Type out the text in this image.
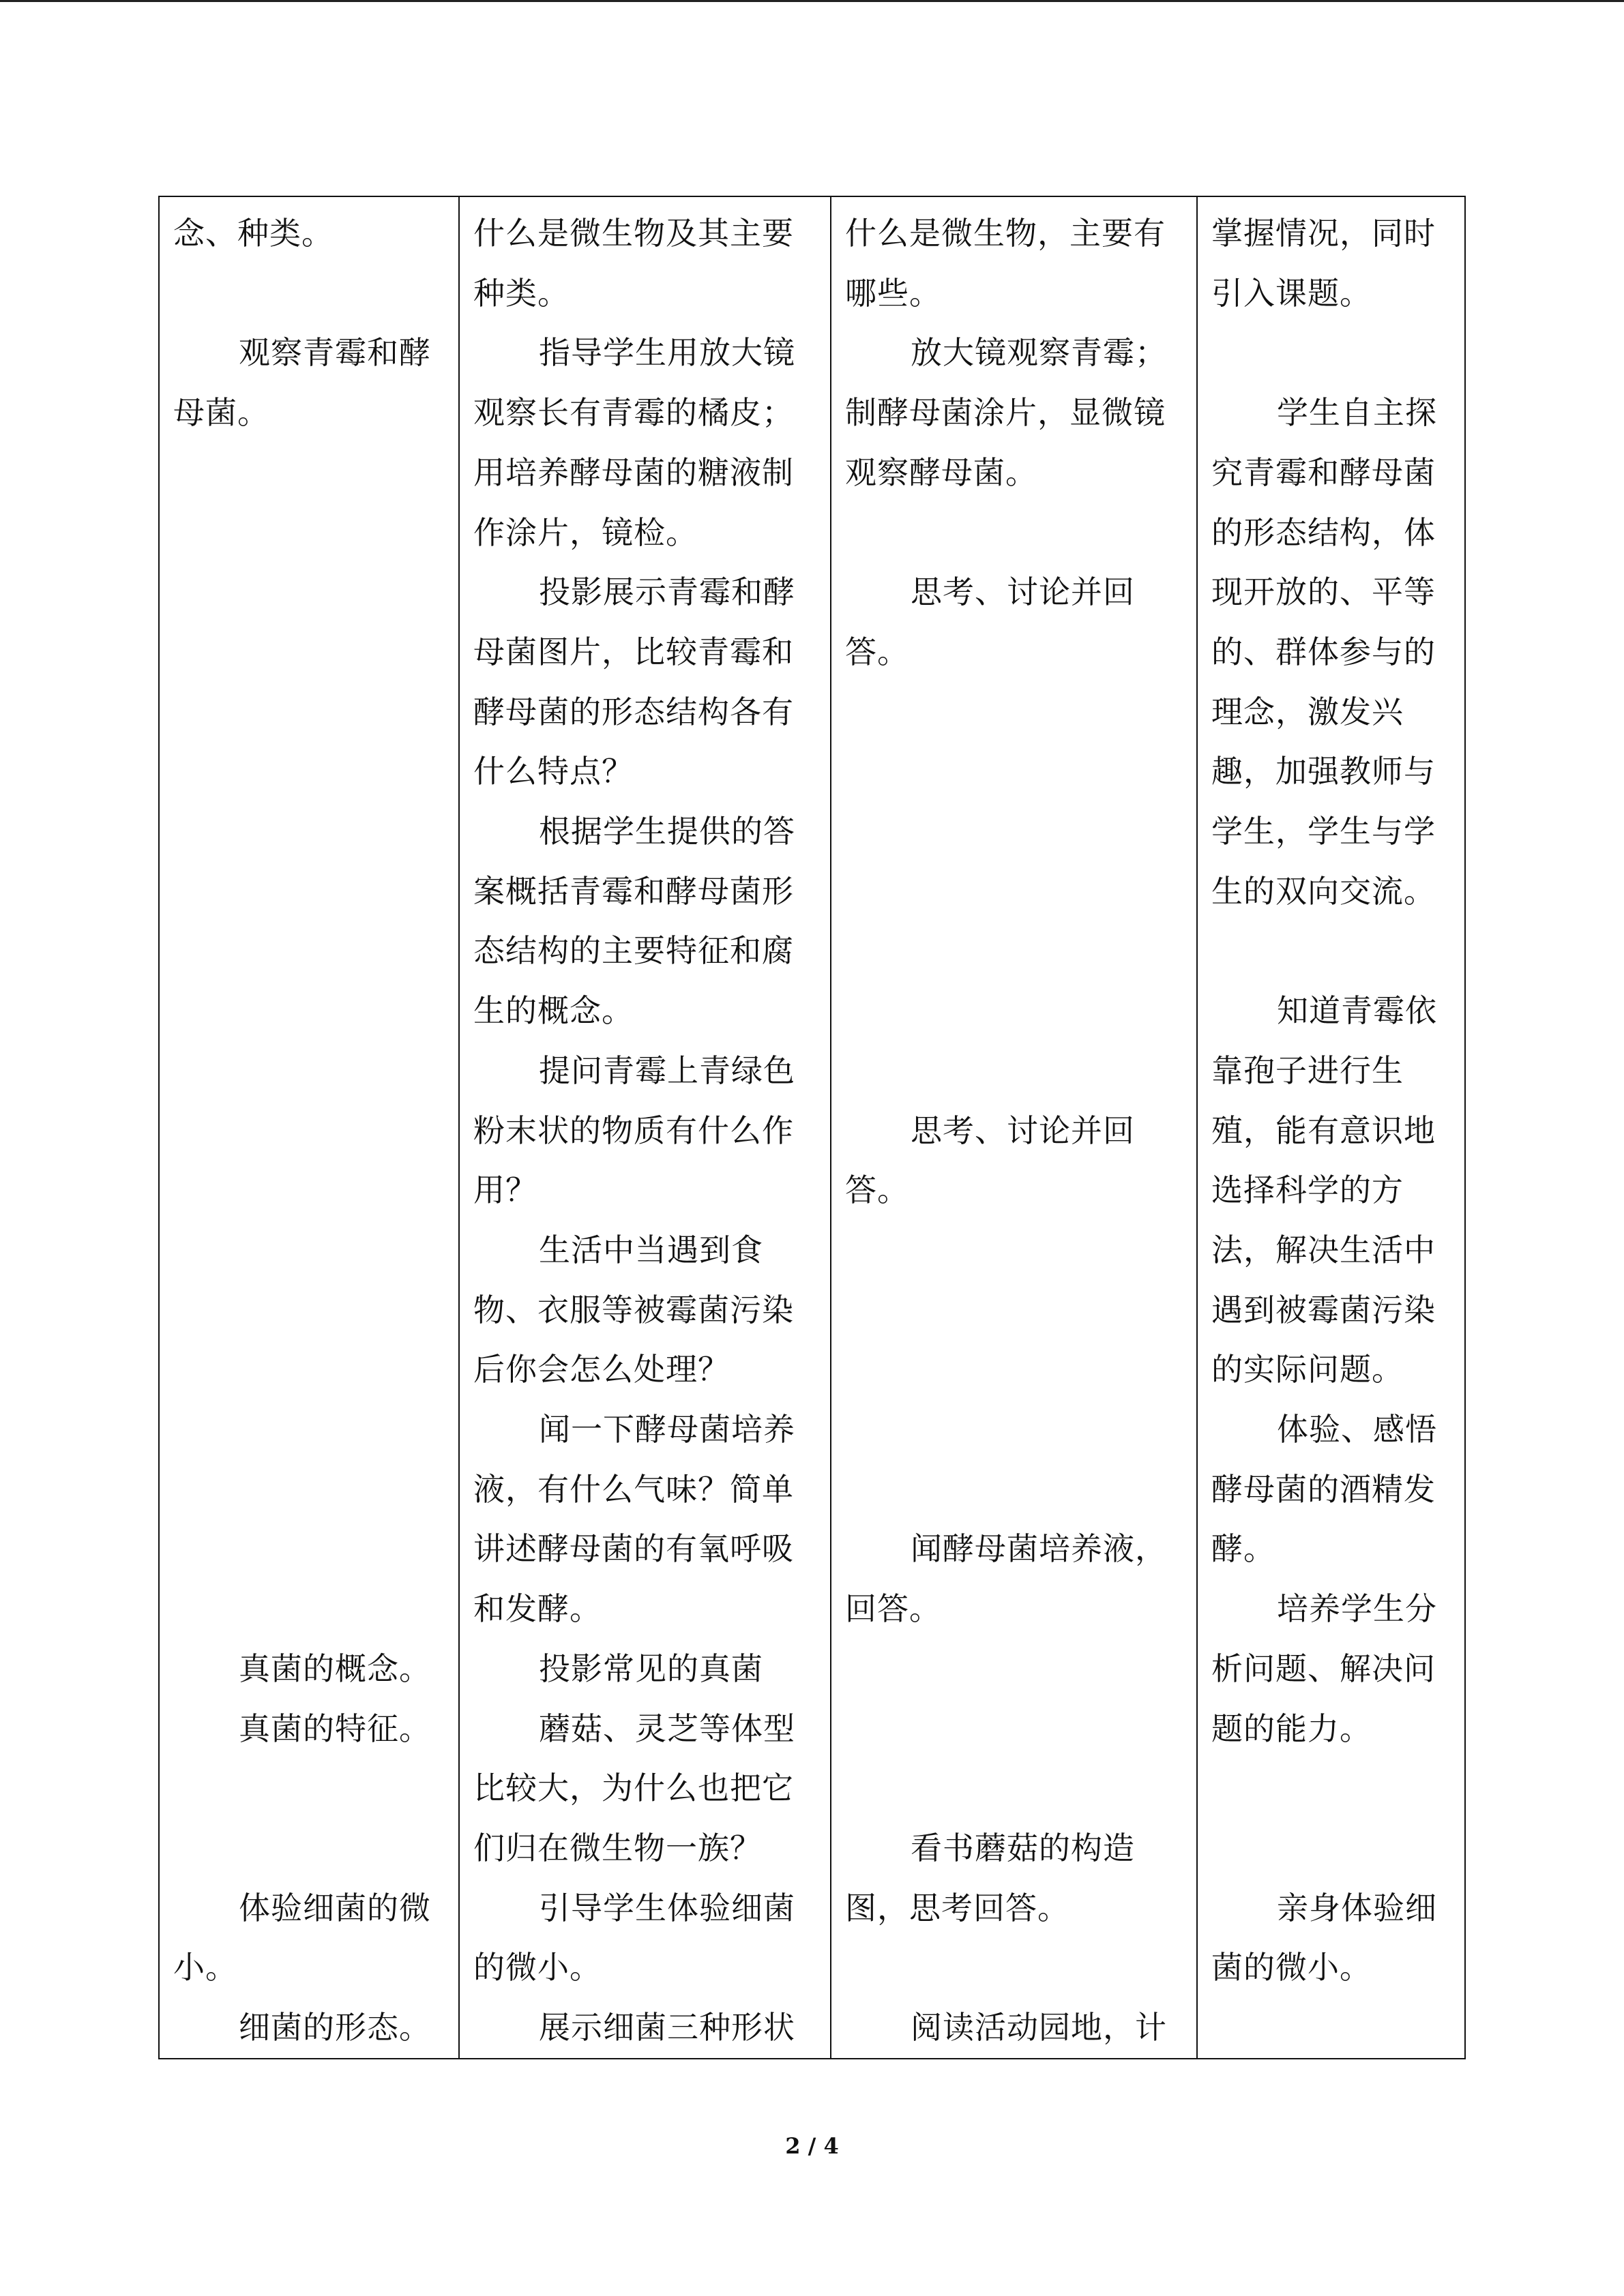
念、种类。
观察青霉和酵
母菌。
真菌的概念。
真菌的特征。
体验细菌的微
小。
细菌的形态。
什么是微生物及其主要
种类。
指导学生用放大镜
观察长有青霉的橘皮；
用培养酵母菌的糖液制
作涂片，镜检。
投影展示青霉和酵
母菌图片，比较青霉和
酵母菌的形态结构各有
什么特点？
根据学生提供的答
案概括青霉和酵母菌形
态结构的主要特征和腐
生的概念。
提问青霉上青绿色
粉末状的物质有什么作
用？
生活中当遇到食
物、衣服等被霉菌污染
后你会怎么处理？
闻一下酵母菌培养
液，有什么气味？简单
讲述酵母菌的有氧呼吸
和发酵。
投影常见的真菌
蘑菇、灵芝等体型
比较大，为什么也把它
们归在微生物一族？
引导学生体验细菌
的微小。
展示细菌三种形状
什么是微生物，主要有
哪些。
放大镜观察青霉；
制酵母菌涂片，显微镜
观察酵母菌。
思考、讨论并回
答。
思考、讨论并回
答。
闻酵母菌培养液，
回答。
看书蘑菇的构造
图，思考回答。
阅读活动园地，计
掌握情况，同时
引入课题。
学生自主探
究青霉和酵母菌
的形态结构，体
现开放的、平等
的、群体参与的
理念，激发兴
趣，加强教师与
学生，学生与学
生的双向交流。
知道青霉依
靠孢子进行生
殖，能有意识地
选择科学的方
法，解决生活中
遇到被霉菌污染
的实际问题。
体验、感悟
酵母菌的酒精发
酵。
培养学生分
析问题、解决问
题的能力。
亲身体验细
菌的微小。
2 / 4
